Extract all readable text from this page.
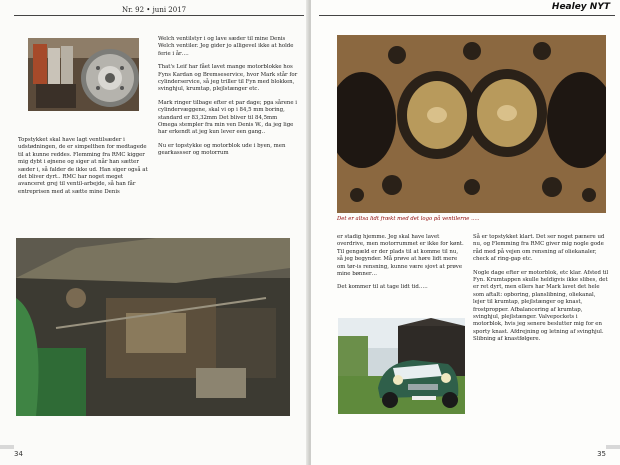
Nr. 92 • juni 2017

Topstykket skal have lagt ventilsæder i udstødningen, de er simpelthen for medtagede til at kunne reddes. Flemming fra RMC kigger mig dybt i øjnene og siger at når han sætter sæder i, så falder de ikke ud. Han siger også at det bliver dyrt.. RMC har noget meget avanceret grej til ventil-arbejde, så han får entreprisen med at sætte mine Denis

Welch ventilstyr i og lave sæder til mine Denis Welch ventiler. Jeg gider jo alligevel ikke at holde ferie i år….

That's Leif har fået lavet mange motorblokke hos Fyns Kardan og Bremseservice, hvor Mark står for cylinderservice, så jeg triller til Fyn med blokken, svinghjul, krumtap, plejlstænger etc.

Mark ringer tilbage efter et par dage; pga sårene i cylindervæggene, skal vi op i 84,5 mm boring, standard er 83,32mm Det bliver til 84,5mm Omega stempler fra min ven Denis W., da jeg lige har erkendt at jeg kun lever een gang..

Nu er topstykke og motorblok ude i byen, men gearkassser og motorrum

34
Healey NYT
Det er altsa lidt frækt med det logo på ventilerne .....

er stadig hjemme. Jeg skal have lavet overdrive, men motorrummet er ikke for kønt. Til gengæld er der plads til at komme til nu, så jeg begynder. Må prøve at høre lidt mere om tør-is rensning, kunne være sjovt at prøve mine bønner…

Det kommer til at tage lidt tid…..

Så er topstykket klart. Det ser noget pænere ud nu, og Flemming fra RMC giver mig nogle gode råd med på vejen om rensning af oliekanaler, check af ring-gap etc.

Nogle dage efter er motorblok, etc klar. Afsted til Fyn. Krumtappen skulle heldigvis ikke slibes, det er ret dyrt, men ellers har Mark lavet det hele som aftalt: opboring, planslibning, oliekanal, lejer til krumtap, plejlstænger og knast, frostpropper. Afbalancering af krumtap, svinghjul, plejlstænger. Valvepockets i motorblok, hvis jeg senere beslutter mig for en sporty knast. Afdrejning og letning af svinghjul. Slibning af knastfølgere.

35
